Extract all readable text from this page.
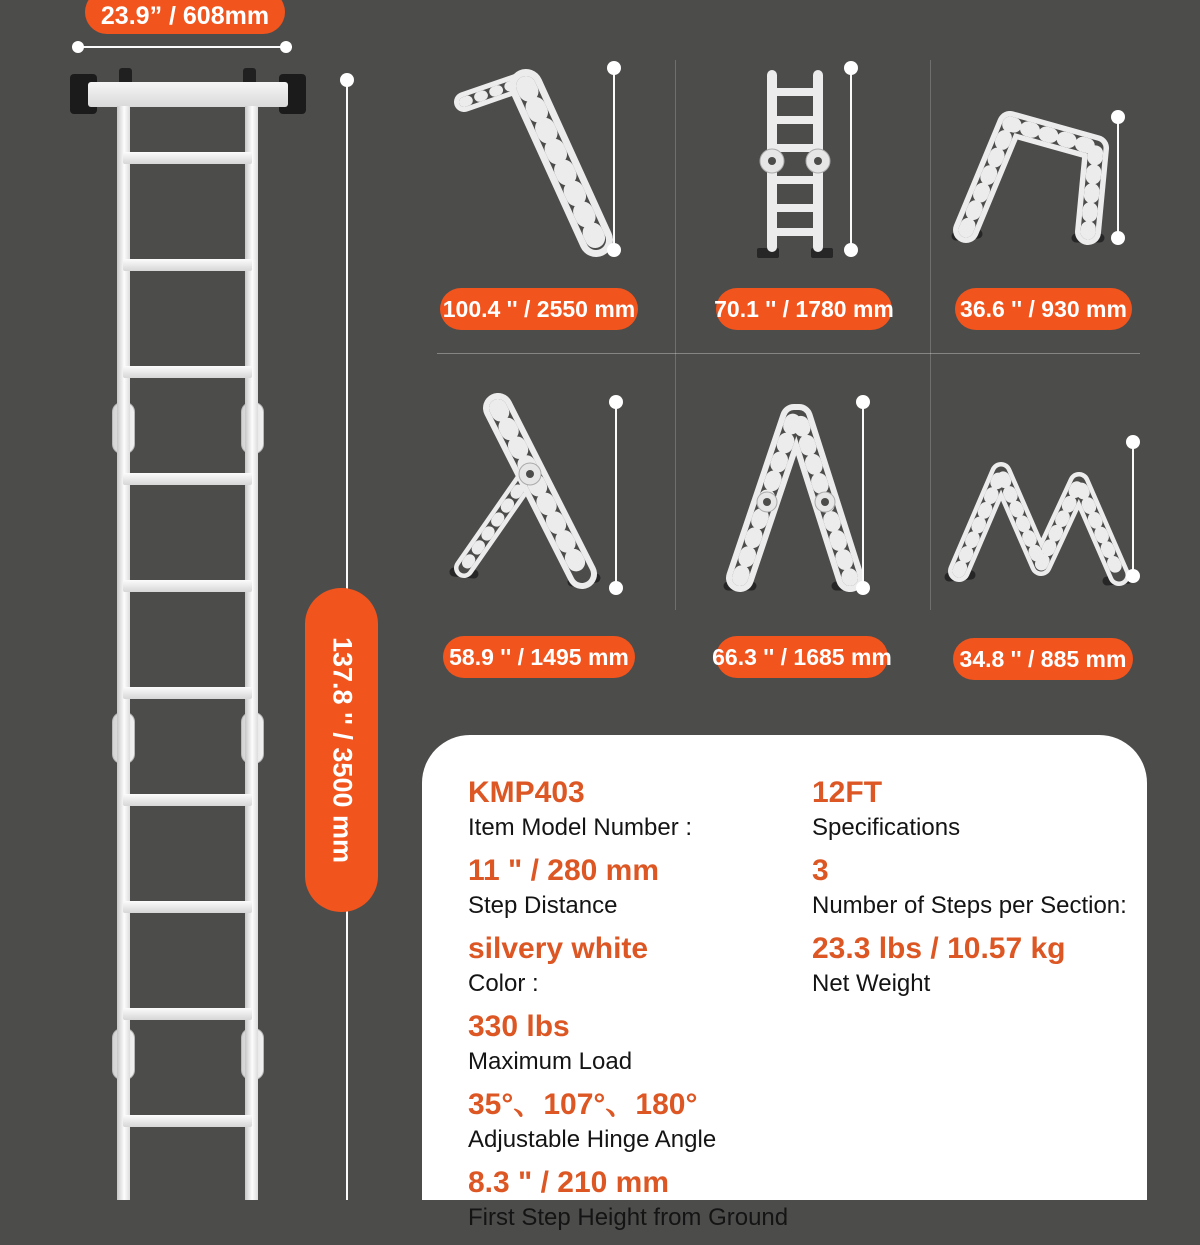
23.9” / 608mm
137.8 '' / 3500 mm
100.4 '' / 2550 mm	70.1 '' / 1780 mm	36.6 '' / 930 mm
58.9 '' / 1495 mm	66.3 '' / 1685 mm	34.8 '' / 885 mm
KMP403
Item Model Number :
11 " / 280 mm
Step Distance
silvery white
Color :
330 lbs
Maximum Load
35°、107°、180°
Adjustable Hinge Angle
8.3 " / 210 mm
First Step Height from Ground
12FT
Specifications
3
Number of Steps per Section:
23.3 lbs / 10.57 kg
Net Weight
